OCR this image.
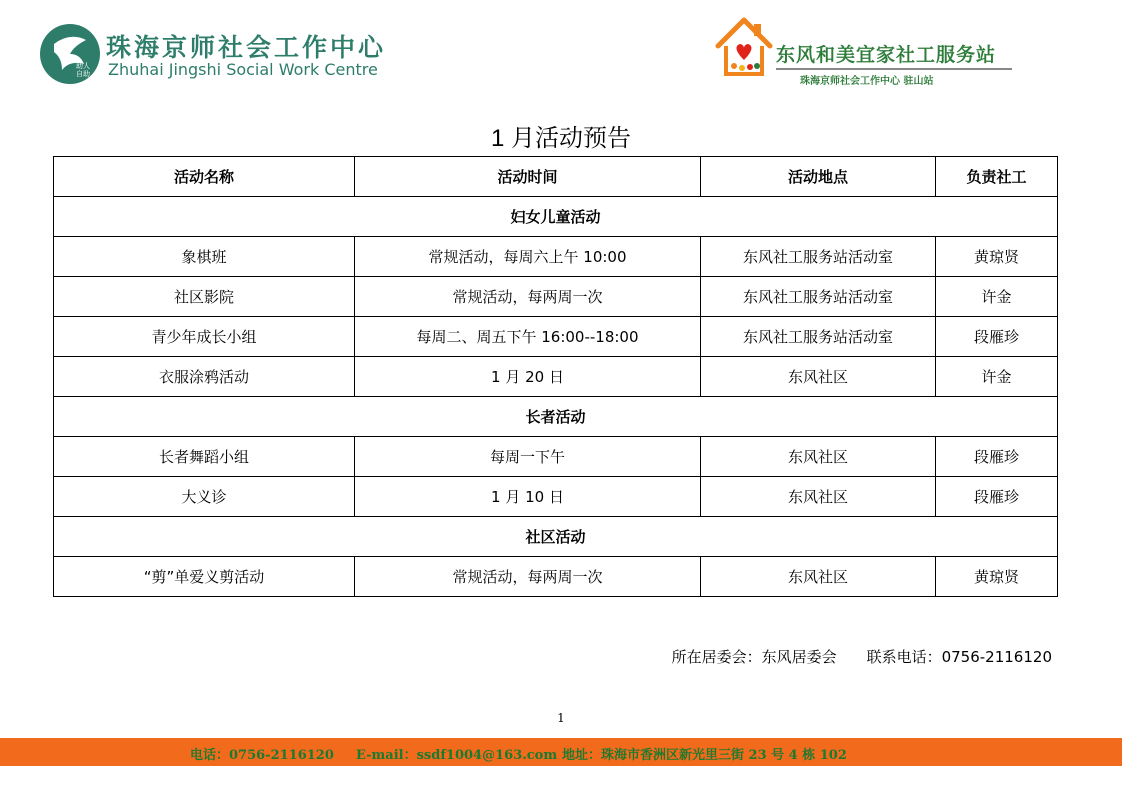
助人
自助
珠海京师社会工作中心
Zhuhai Jingshi Social Work Centre
东风和美宜家社工服务站
珠海京师社会工作中心 驻山站
1 月活动预告
活动名称	活动时间	活动地点	负责社工
妇女儿童活动			
象棋班	常规活动，每周六上午 10:00	东风社工服务站活动室	黄琼贤
社区影院	常规活动，每两周一次	东风社工服务站活动室	许金
青少年成长小组	每周二、周五下午 16:00--18:00	东风社工服务站活动室	段雁珍
衣服涂鸦活动	1 月 20 日	东风社区	许金
长者活动			
长者舞蹈小组	每周一下午	东风社区	段雁珍
大义诊	1 月 10 日	东风社区	段雁珍
社区活动			
“剪”单爱义剪活动	常规活动，每两周一次	东风社区	黄琼贤
所在居委会：东风居委会 联系电话：0756-2116120
1
电话：0756-2116120 E-mail：ssdf1004@163.com 地址：珠海市香洲区新光里三街 23 号 4 栋 102
